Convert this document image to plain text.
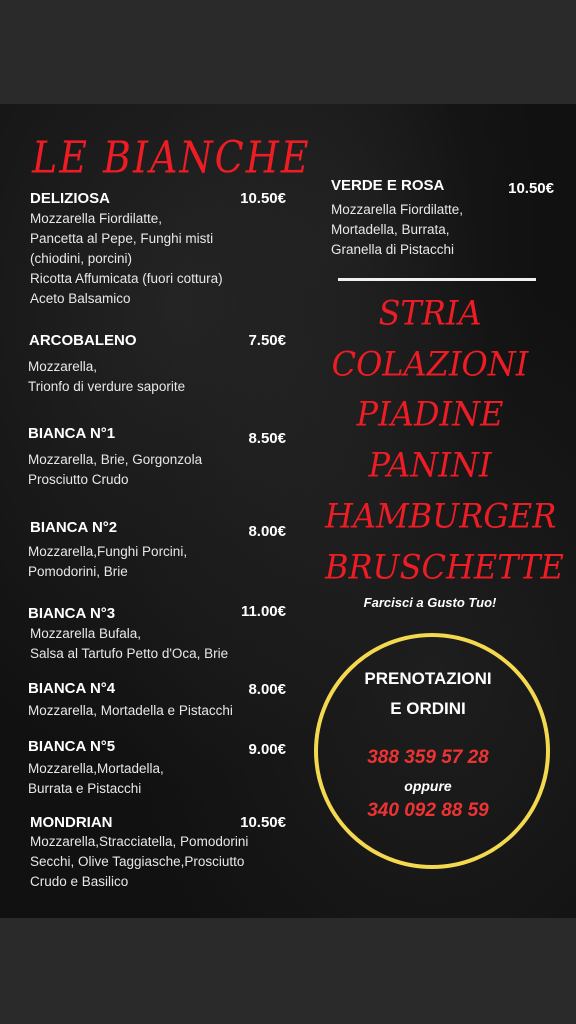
LE BIANCHE
DELIZIOSA	10.50€
Mozzarella Fiordilatte,
Pancetta al Pepe, Funghi misti
(chiodini, porcini)
Ricotta Affumicata (fuori cottura)
Aceto Balsamico
ARCOBALENO	7.50€
Mozzarella,
Trionfo di verdure saporite
BIANCA N°1	8.50€
Mozzarella, Brie, Gorgonzola
Prosciutto Crudo
BIANCA N°2	8.00€
Mozzarella,Funghi Porcini,
Pomodorini, Brie
BIANCA N°3	11.00€
Mozzarella Bufala,
Salsa al Tartufo Petto d'Oca, Brie
BIANCA N°4	8.00€
Mozzarella, Mortadella e Pistacchi
BIANCA N°5	9.00€
Mozzarella,Mortadella,
Burrata e Pistacchi
MONDRIAN	10.50€
Mozzarella,Stracciatella, Pomodorini
Secchi, Olive Taggiasche,Prosciutto
Crudo e Basilico
VERDE E ROSA	10.50€
Mozzarella Fiordilatte,
Mortadella, Burrata,
Granella di Pistacchi
STRIA
COLAZIONI
PIADINE
PANINI
HAMBURGER
BRUSCHETTE
Farcisci a Gusto Tuo!
PRENOTAZIONI
E ORDINI
388 359 57 28
oppure
340 092 88 59
